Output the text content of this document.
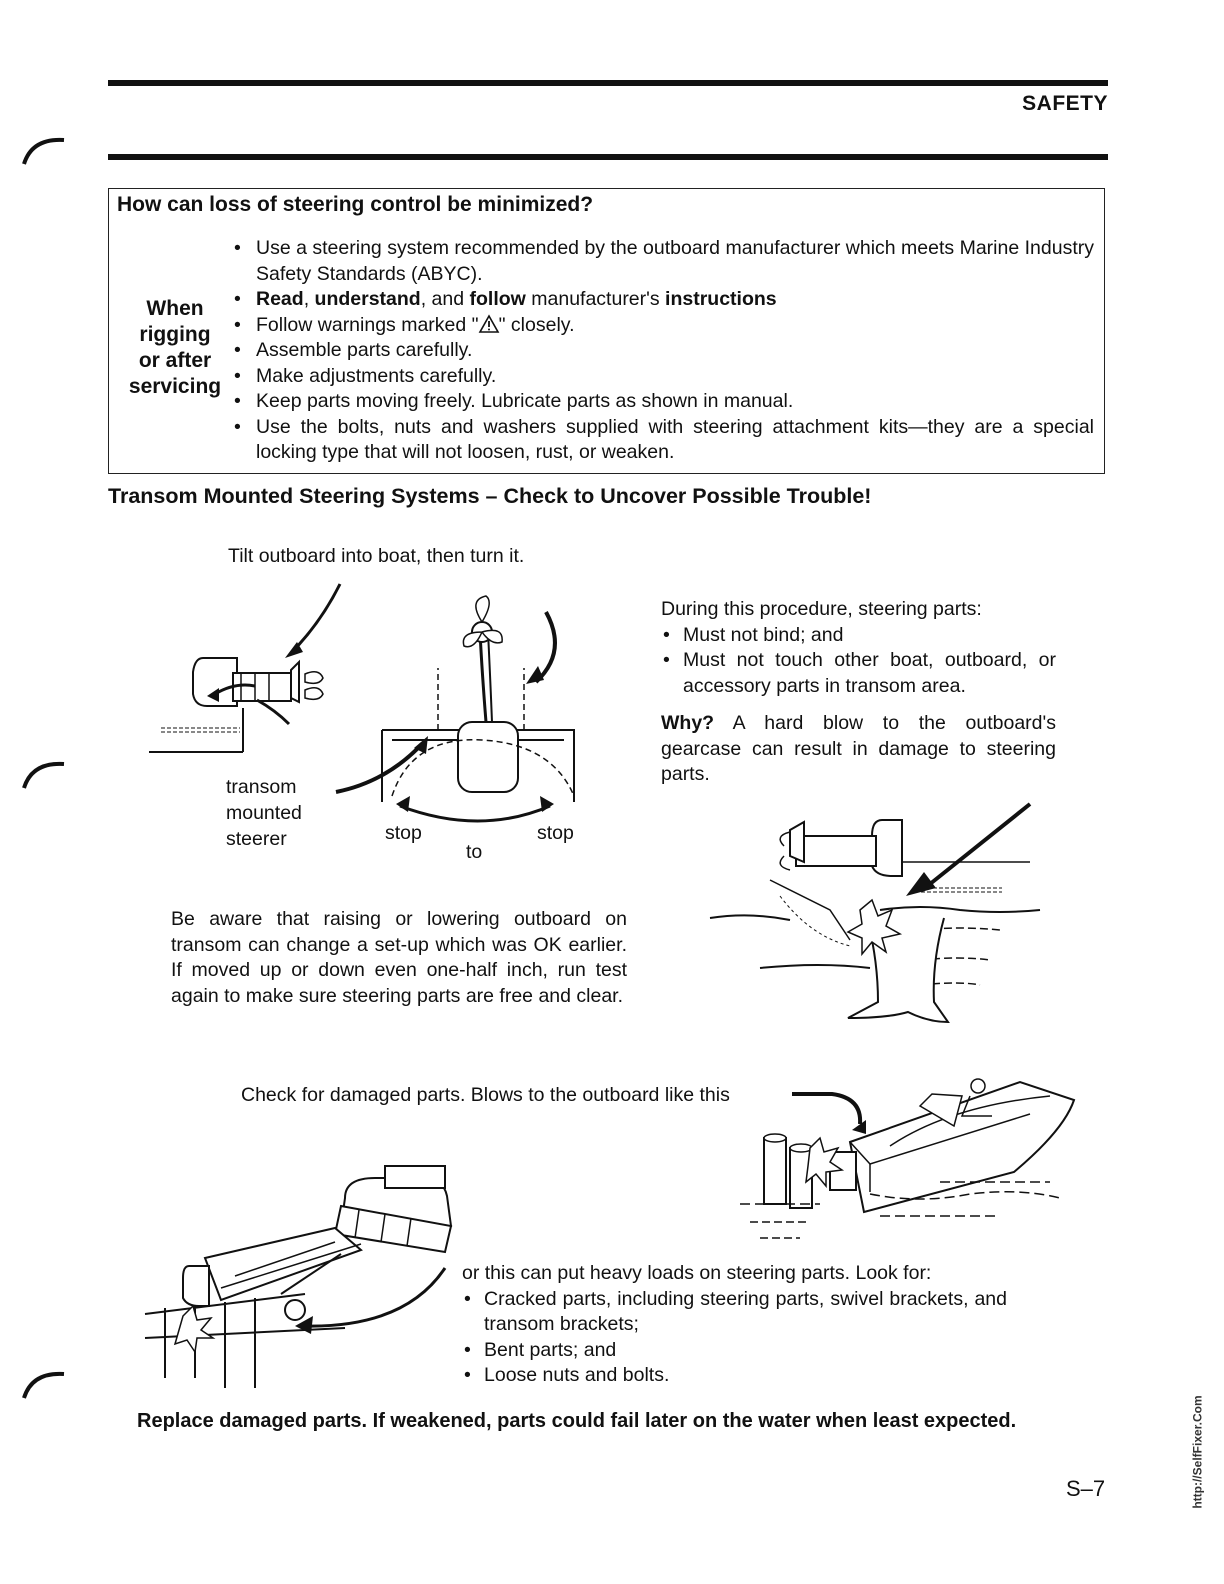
SAFETY
How can loss of steering control be minimized?
When
rigging
or after
servicing
• Use a steering system recommended by the outboard manufacturer which meets Marine Industry Safety Standards (ABYC).
• Read, understand, and follow manufacturer's instructions
• Follow warnings marked " " closely.
• Assemble parts carefully.
• Make adjustments carefully.
• Keep parts moving freely. Lubricate parts as shown in manual.
• Use the bolts, nuts and washers supplied with steering attachment kits—they are a special locking type that will not loosen, rust, or weaken.
Transom Mounted Steering Systems – Check to Uncover Possible Trouble!
Tilt outboard into boat, then turn it.
transom
mounted
steerer	stop
to
stop
During this procedure, steering parts:
• Must not bind; and
• Must not touch other boat, outboard, or accessory parts in transom area.
Why? A hard blow to the outboard's gearcase can result in damage to steering parts.
Be aware that raising or lowering outboard on transom can change a set-up which was OK earlier. If moved up or down even one-half inch, run test again to make sure steering parts are free and clear.
Check for damaged parts. Blows to the outboard like this
or this can put heavy loads on steering parts. Look for:
• Cracked parts, including steering parts, swivel brackets, and transom brackets;
• Bent parts; and
• Loose nuts and bolts.
Replace damaged parts. If weakened, parts could fail later on the water when least expected.
S–7	http://SelfFixer.Com
